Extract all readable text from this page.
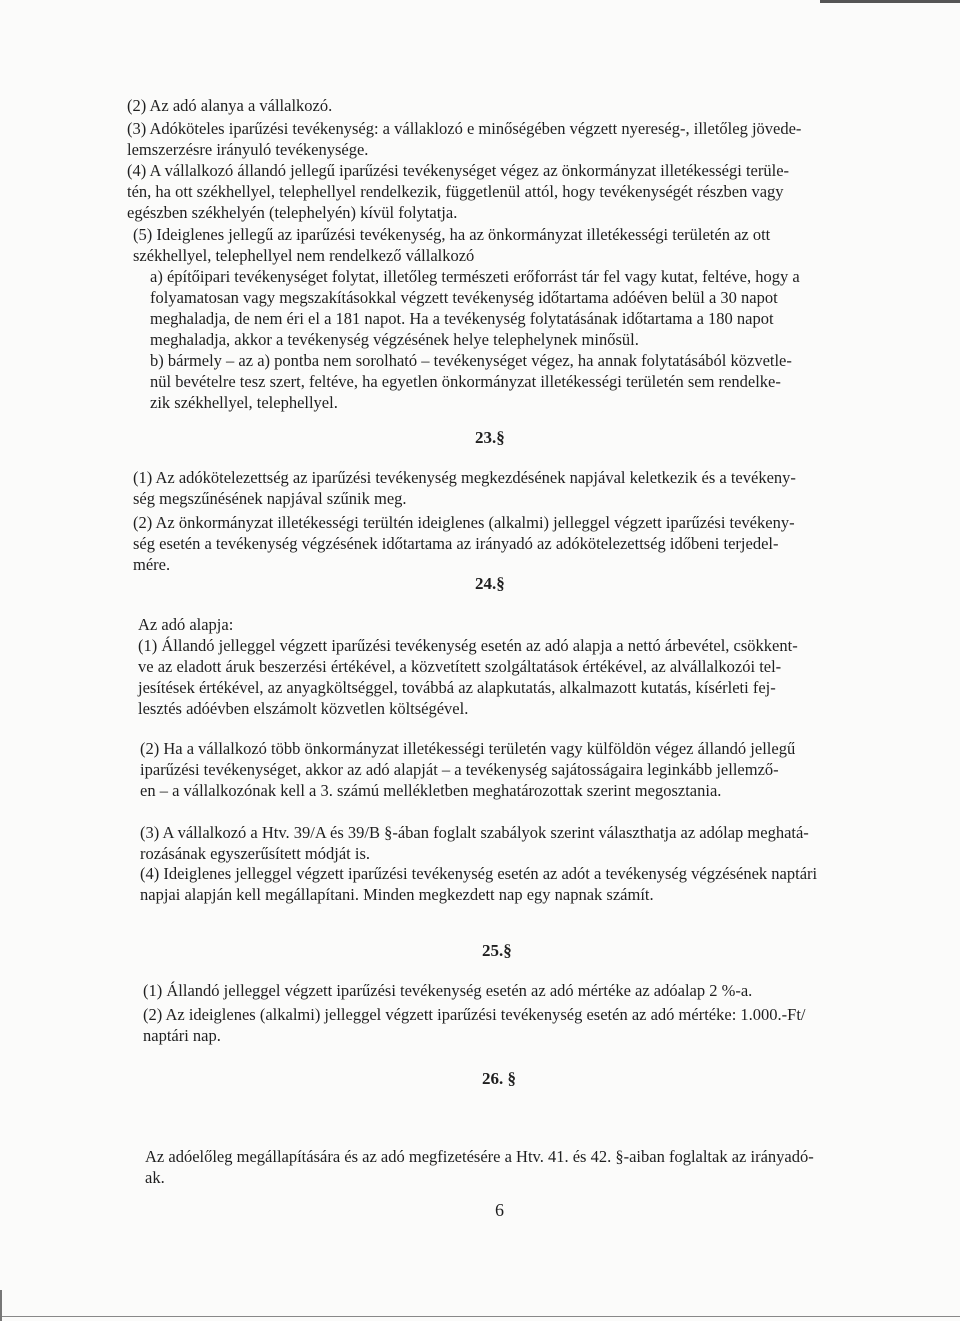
(2) Az adó alanya a vállalkozó.
(3) Adóköteles iparűzési tevékenység: a vállaklozó e minőségében végzett nyereség-, illetőleg jövede-
lemszerzésre irányuló tevékenysége.
(4) A vállalkozó állandó jellegű iparűzési tevékenységet végez az önkormányzat illetékességi terüle-
tén, ha ott székhellyel, telephellyel rendelkezik, függetlenül attól, hogy tevékenységét részben vagy
egészben székhelyén (telephelyén) kívül folytatja.
(5) Ideiglenes jellegű az iparűzési tevékenység, ha az önkormányzat illetékességi területén az ott
székhellyel, telephellyel nem rendelkező vállalkozó
a) építőipari tevékenységet folytat, illetőleg természeti erőforrást tár fel vagy kutat, feltéve, hogy a
folyamatosan vagy megszakításokkal végzett tevékenység időtartama adóéven belül a 30 napot
meghaladja, de nem éri el a 181 napot. Ha a tevékenység folytatásának időtartama a 180 napot
meghaladja, akkor a tevékenység végzésének helye telephelynek minősül.
b) bármely – az a) pontba nem sorolható – tevékenységet végez, ha annak folytatásából közvetle-
nül bevételre tesz szert, feltéve, ha egyetlen önkormányzat illetékességi területén sem rendelke-
zik székhellyel, telephellyel.
23.§
(1) Az adókötelezettség az iparűzési tevékenység megkezdésének napjával keletkezik és a tevékeny-
ség megszűnésének napjával szűnik meg.
(2) Az önkormányzat illetékességi terültén ideiglenes (alkalmi) jelleggel végzett iparűzési tevékeny-
ség esetén a tevékenység végzésének időtartama az irányadó az adókötelezettség időbeni terjedel-
mére.
24.§
Az adó alapja:
(1) Állandó jelleggel végzett iparűzési tevékenység esetén az adó alapja a nettó árbevétel, csökkent-
ve az eladott áruk beszerzési értékével, a közvetített szolgáltatások értékével, az alvállalkozói tel-
jesítések értékével, az anyagköltséggel, továbbá az alapkutatás, alkalmazott kutatás, kísérleti fej-
lesztés adóévben elszámolt közvetlen költségével.
(2) Ha a vállalkozó több önkormányzat illetékességi területén vagy külföldön végez állandó jellegű
iparűzési tevékenységet, akkor az adó alapját – a tevékenység sajátosságaira leginkább jellemző-
en – a vállalkozónak kell a 3. számú mellékletben meghatározottak szerint megosztania.
(3) A vállalkozó a Htv. 39/A és 39/B §-ában foglalt szabályok szerint választhatja az adólap meghatá-
rozásának egyszerűsített módját is.
(4) Ideiglenes jelleggel végzett iparűzési tevékenység esetén az adót a tevékenység végzésének naptári
napjai alapján kell megállapítani. Minden megkezdett nap egy napnak számít.
25.§
(1) Állandó jelleggel végzett iparűzési tevékenység esetén az adó mértéke az adóalap 2 %-a.
(2) Az ideiglenes (alkalmi) jelleggel végzett iparűzési tevékenység esetén az adó mértéke: 1.000.-Ft/
naptári nap.
26. §
Az adóelőleg megállapítására és az adó megfizetésére a Htv. 41. és 42. §-aiban foglaltak az irányadó-
ak.
6
